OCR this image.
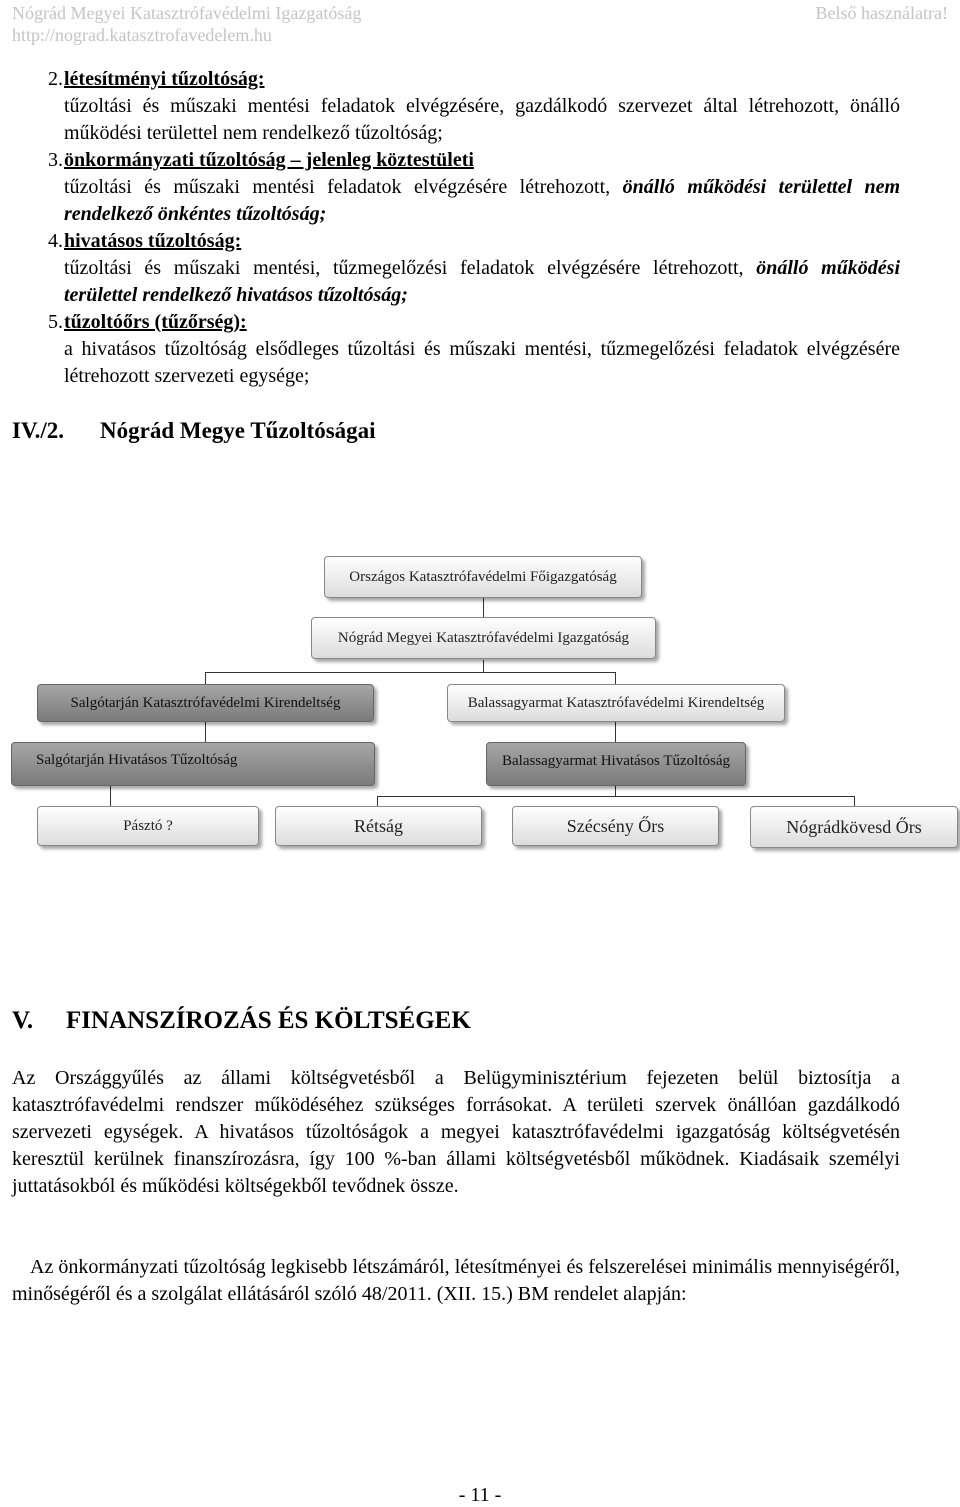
Nógrád Megyei Katasztrófavédelmi Igazgatóság
http://nograd.katasztrofavedelem.hu
Belső használatra!
2. létesítményi tűzoltóság:

tűzoltási és műszaki mentési feladatok elvégzésére, gazdálkodó szervezet által létrehozott, önálló működési területtel nem rendelkező tűzoltóság;

3. önkormányzati tűzoltóság – jelenleg köztestületi

tűzoltási és műszaki mentési feladatok elvégzésére létrehozott, önálló működési területtel nem rendelkező önkéntes tűzoltóság;

4. hivatásos tűzoltóság:

tűzoltási és műszaki mentési, tűzmegelőzési feladatok elvégzésére létrehozott, önálló működési területtel rendelkező hivatásos tűzoltóság;

5. tűzoltóőrs (tűzőrség):

a hivatásos tűzoltóság elsődleges tűzoltási és műszaki mentési, tűzmegelőzési feladatok elvégzésére létrehozott szervezeti egysége;

IV./2. Nógrád Megye Tűzoltóságai
Országos Katasztrófavédelmi Főigazgatóság
Nógrád Megyei Katasztrófavédelmi Igazgatóság
Salgótarján Katasztrófavédelmi Kirendeltség	Balassagyarmat Katasztrófavédelmi Kirendeltség
Salgótarján Hivatásos Tűzoltóság	Balassagyarmat Hivatásos Tűzoltóság
Pásztó ?	Rétság	Szécsény Őrs	Nógrádkövesd Őrs
V. FINANSZÍROZÁS ÉS KÖLTSÉGEK

Az Országgyűlés az állami költségvetésből a Belügyminisztérium fejezeten belül biztosítja a katasztrófavédelmi rendszer működéséhez szükséges forrásokat. A területi szervek önállóan gazdálkodó szervezeti egységek. A hivatásos tűzoltóságok a megyei katasztrófavédelmi igazgatóság költségvetésén keresztül kerülnek finanszírozásra, így 100 %-ban állami költségvetésből működnek. Kiadásaik személyi juttatásokból és működési költségekből tevődnek össze.

Az önkormányzati tűzoltóság legkisebb létszámáról, létesítményei és felszerelései minimális mennyiségéről, minőségéről és a szolgálat ellátásáról szóló 48/2011. (XII. 15.) BM rendelet alapján:

- 11 -
